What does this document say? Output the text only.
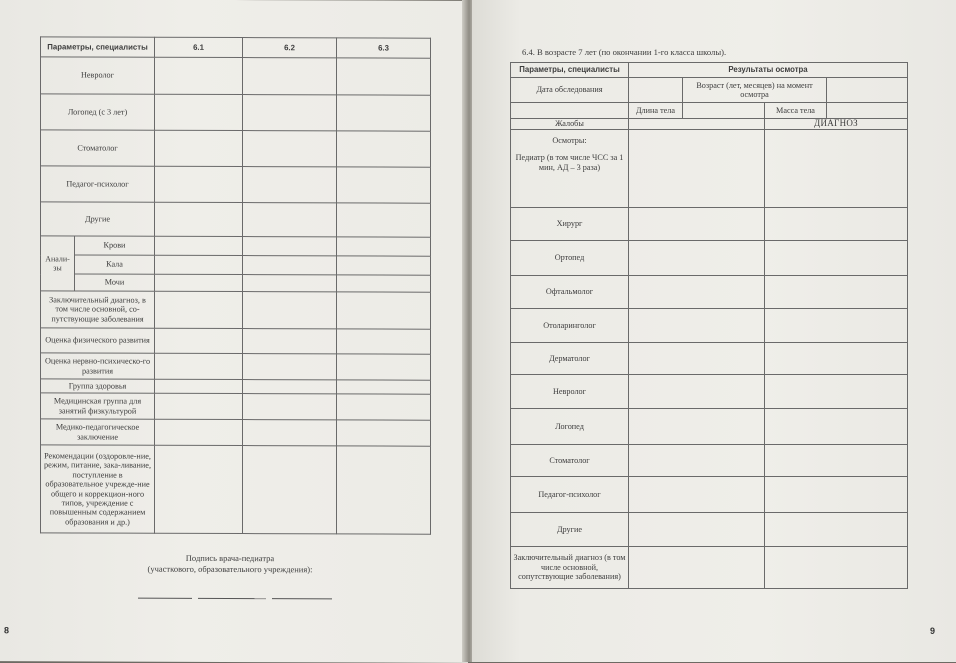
Параметры, специалисты		6.1	6.2	6.3
Невролог				
Логопед (с 3 лет)				
Стоматолог				
Педагог-психолог				
Другие				
Анали-зы	Крови			
	Кала			
	Мочи			
Заключительный диагноз, в том числе основной, со-путствующие заболевания				
Оценка физического развития				
Оценка нервно-психическо-го развития				
Группа здоровья				
Медицинская группа для занятий физкультурой				
Медико-педагогическое заключение				
Рекомендации (оздоровле-ние, режим, питание, зака-ливание, поступление в образовательное учрежде-ние общего и коррекцион-ного типов, учреждение с повышенным содержанием образования и др.)				
Подпись врача-педиатра
(участкового, образовательного учреждения):
8
6.4. В возрасте 7 лет (по окончании 1-го класса школы).
Параметры, специалисты	Результаты осмотра			
Дата обследования		Возраст (лет, месяцев) на момент осмотра		
	Длина тела		Масса тела	
Жалобы			ДИАГНОЗ	

Осмотры:
Педиатр (в том числе ЧСС за 1 мин, АД – 3 раза)				

Хирург				
Ортопед				
Офтальмолог				
Отоларинголог				
Дерматолог				
Невролог				
Логопед				
Стоматолог				
Педагог-психолог				
Другие				
Заключительный диагноз (в том числе основной, сопутствующие заболевания)				
9
